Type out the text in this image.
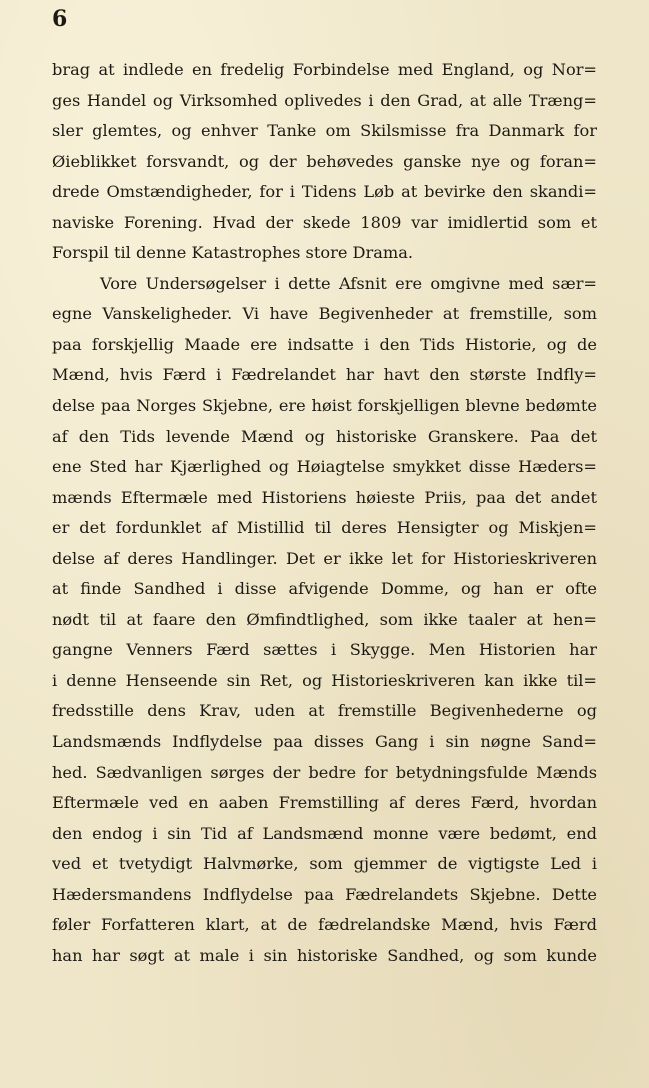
6
brag at indlede en fredelig Forbindelse med England, og Nor=
ges Handel og Virksomhed oplivedes i den Grad, at alle Træng=
sler glemtes, og enhver Tanke om Skilsmisse fra Danmark for
Øieblikket forsvandt, og der behøvedes ganske nye og foran=
drede Omstændigheder, for i Tidens Løb at bevirke den skandi=
naviske Forening. Hvad der skede 1809 var imidlertid som et
Forspil til denne Katastrophes store Drama.
Vore Undersøgelser i dette Afsnit ere omgivne med sær=
egne Vanskeligheder. Vi have Begivenheder at fremstille, som
paa forskjellig Maade ere indsatte i den Tids Historie, og de
Mænd, hvis Færd i Fædrelandet har havt den største Indfly=
delse paa Norges Skjebne, ere høist forskjelligen blevne bedømte
af den Tids levende Mænd og historiske Granskere. Paa det
ene Sted har Kjærlighed og Høiagtelse smykket disse Hæders=
mænds Eftermæle med Historiens høieste Priis, paa det andet
er det fordunklet af Mistillid til deres Hensigter og Miskjen=
delse af deres Handlinger. Det er ikke let for Historieskriveren
at finde Sandhed i disse afvigende Domme, og han er ofte
nødt til at faare den Ømfindtlighed, som ikke taaler at hen=
gangne Venners Færd sættes i Skygge. Men Historien har
i denne Henseende sin Ret, og Historieskriveren kan ikke til=
fredsstille dens Krav, uden at fremstille Begivenhederne og
Landsmænds Indflydelse paa disses Gang i sin nøgne Sand=
hed. Sædvanligen sørges der bedre for betydningsfulde Mænds
Eftermæle ved en aaben Fremstilling af deres Færd, hvordan
den endog i sin Tid af Landsmænd monne være bedømt, end
ved et tvetydigt Halvmørke, som gjemmer de vigtigste Led i
Hædersmandens Indflydelse paa Fædrelandets Skjebne. Dette
føler Forfatteren klart, at de fædrelandske Mænd, hvis Færd
han har søgt at male i sin historiske Sandhed, og som kunde
